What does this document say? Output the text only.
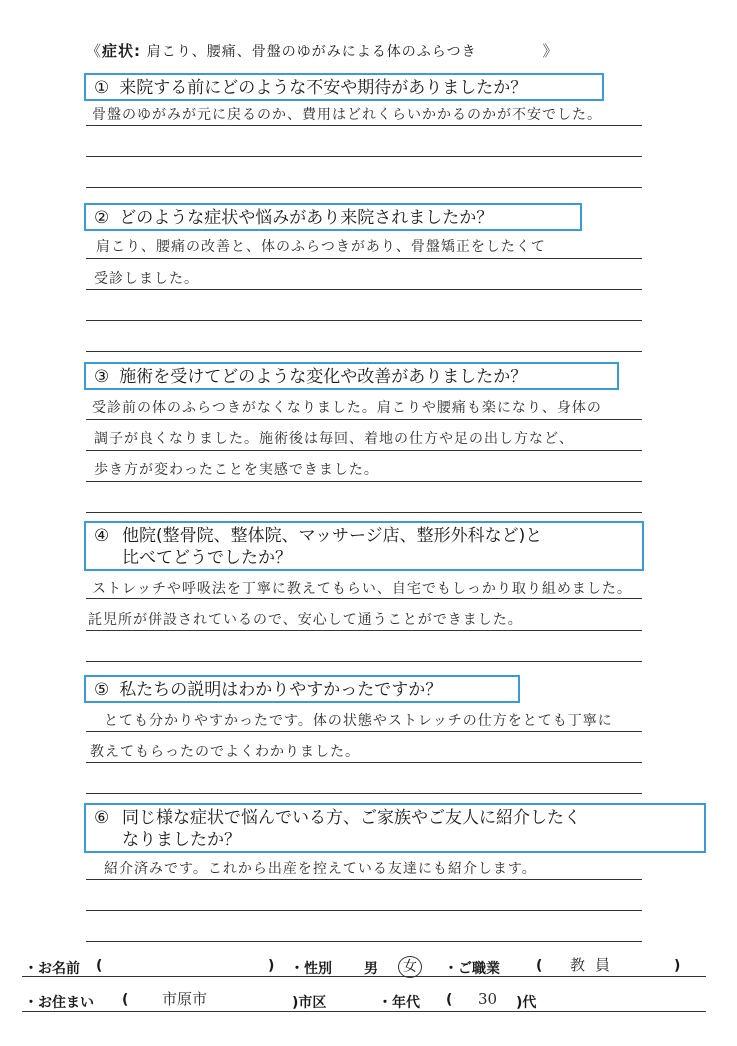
《症状: 肩こり、腰痛、骨盤のゆがみによる体のふらつき	》
① 来院する前にどのような不安や期待がありましたか？
骨盤のゆがみが元に戻るのか、費用はどれくらいかかるのかが不安でした。
② どのような症状や悩みがあり来院されましたか？
肩こり、腰痛の改善と、体のふらつきがあり、骨盤矯正をしたくて
受診しました。
③ 施術を受けてどのような変化や改善がありましたか？
受診前の体のふらつきがなくなりました。肩こりや腰痛も楽になり、身体の
調子が良くなりました。施術後は毎回、着地の仕方や足の出し方など、
歩き方が変わったことを実感できました。
④ 他院(整骨院、整体院、マッサージ店、整形外科など)と
比べてどうでしたか？
ストレッチや呼吸法を丁寧に教えてもらい、自宅でもしっかり取り組めました。
託児所が併設されているので、安心して通うことができました。
⑤ 私たちの説明はわかりやすかったですか？
とても分かりやすかったです。体の状態やストレッチの仕方をとても丁寧に
教えてもらったのでよくわかりました。
⑥ 同じ様な症状で悩んでいる方、ご家族やご友人に紹介したく
なりましたか？
紹介済みです。これから出産を控えている友達にも紹介します。
・お名前 (	) ・性別 男	女	・ご職業	( 教員	)
・お住まい ( 市原市	)市区	・年代 ( 30 )代
